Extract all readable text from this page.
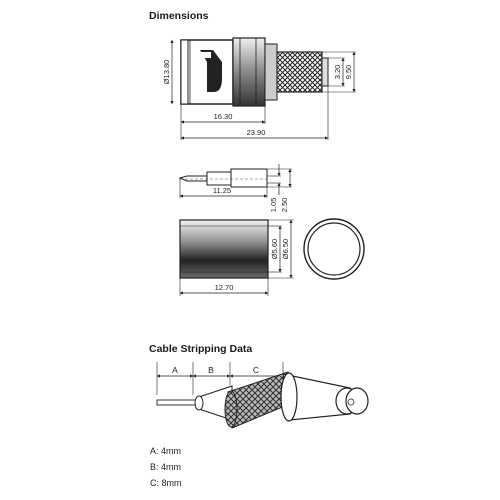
Dimensions
Cable Stripping Data
Ø13.80
16.30
23.90
3.20 9.50
11.25
1.05 2.50
12.70
Ø5.60 Ø6.50
A	B	C
A: 4mm
B: 4mm
C: 8mm
